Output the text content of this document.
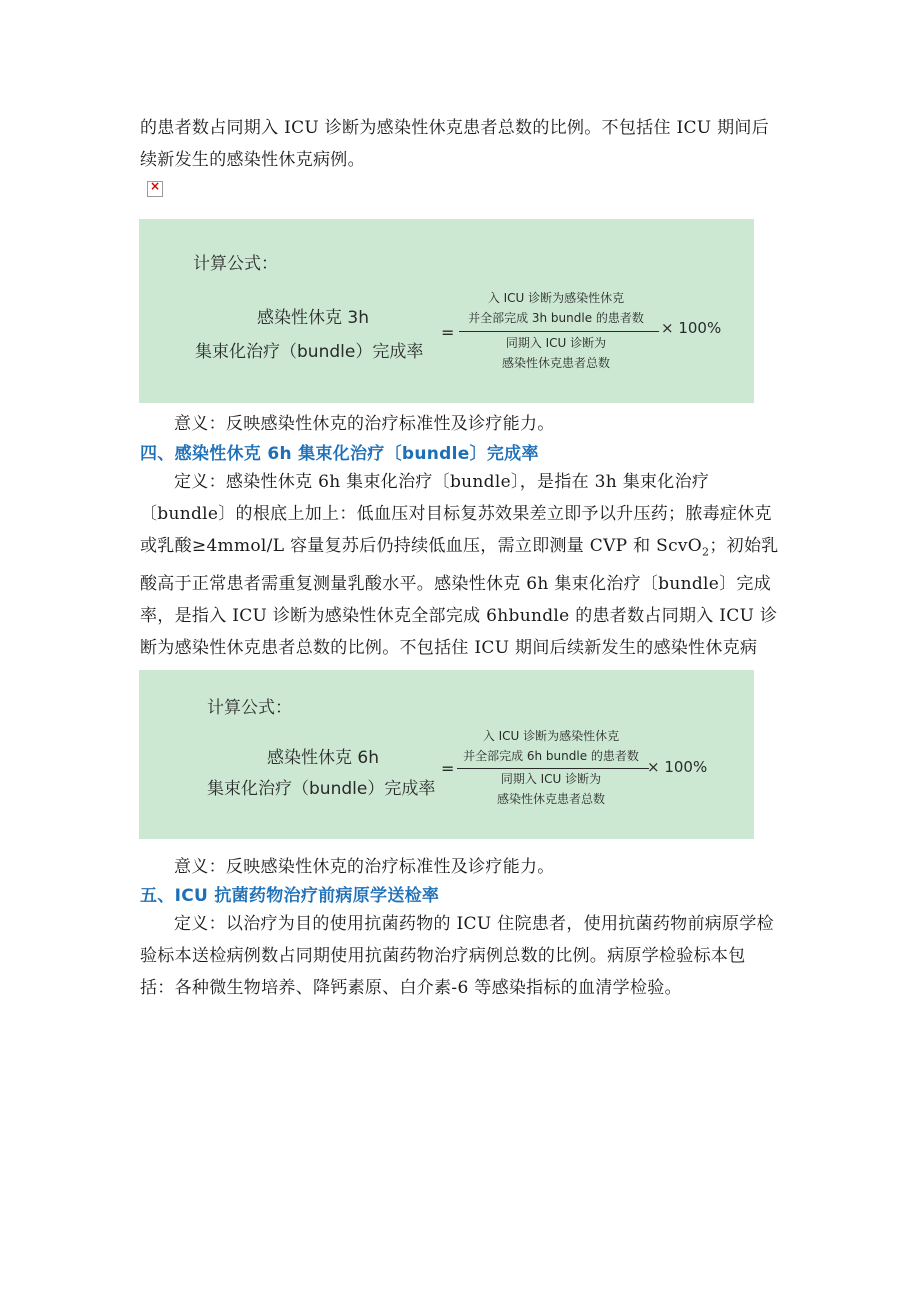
的患者数占同期入 ICU 诊断为感染性休克患者总数的比例。不包括住 ICU 期间后续新发生的感染性休克病例。

×
计算公式：
感染性休克 3h
集束化治疗（bundle）完成率
=
入 ICU 诊断为感染性休克
并全部完成 3h bundle 的患者数
同期入 ICU 诊断为
感染性休克患者总数
× 100%

意义：反映感染性休克的治疗标准性及诊疗能力。

四、感染性休克 6h 集束化治疗〔bundle〕完成率

定义：感染性休克 6h 集束化治疗〔bundle〕，是指在 3h 集束化治疗〔bundle〕的根底上加上：低血压对目标复苏效果差立即予以升压药；脓毒症休克或乳酸≥4mmol/L 容量复苏后仍持续低血压，需立即测量 CVP 和 ScvO$_2$；初始乳酸高于正常患者需重复测量乳酸水平。感染性休克 6h 集束化治疗〔bundle〕完成率，是指入 ICU 诊断为感染性休克全部完成 6hbundle 的患者数占同期入 ICU 诊断为感染性休克患者总数的比例。不包括住 ICU 期间后续新发生的感染性休克病

计算公式：
感染性休克 6h
集束化治疗（bundle）完成率
=
入 ICU 诊断为感染性休克
并全部完成 6h bundle 的患者数
同期入 ICU 诊断为
感染性休克患者总数
× 100%

意义：反映感染性休克的治疗标准性及诊疗能力。

五、ICU 抗菌药物治疗前病原学送检率

定义：以治疗为目的使用抗菌药物的 ICU 住院患者，使用抗菌药物前病原学检验标本送检病例数占同期使用抗菌药物治疗病例总数的比例。病原学检验标本包括：各种微生物培养、降钙素原、白介素-6 等感染指标的血清学检验。
